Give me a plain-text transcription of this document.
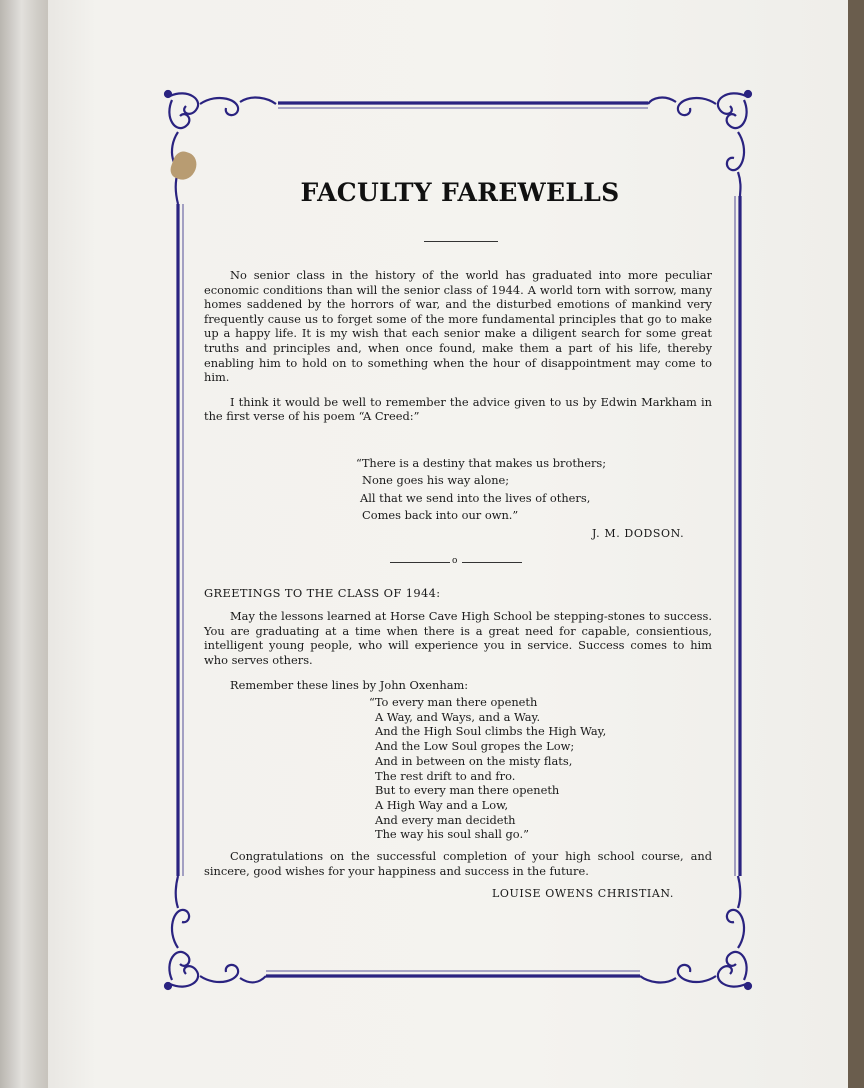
FACULTY FAREWELLS

No senior class in the history of the world has graduated into more peculiar economic conditions than will the senior class of 1944. A world torn with sorrow, many homes saddened by the horrors of war, and the disturbed emotions of mankind very frequently cause us to forget some of the more fundamental principles that go to make up a happy life. It is my wish that each senior make a diligent search for some great truths and principles and, when once found, make them a part of his life, thereby enabling him to hold on to something when the hour of disappointment may come to him.

I think it would be well to remember the advice given to us by Edwin Markham in the first verse of his poem “A Creed:”

“There is a destiny that makes us brothers;
None goes his way alone;
All that we send into the lives of others,
Comes back into our own.”
J. M. DODSON.
o
GREETINGS TO THE CLASS OF 1944:

May the lessons learned at Horse Cave High School be stepping-stones to success. You are graduating at a time when there is a great need for capable, consientious, intelligent young people, who will experience you in service. Success comes to him who serves others.

Remember these lines by John Oxenham:

“To every man there openeth
A Way, and Ways, and a Way.
And the High Soul climbs the High Way,
And the Low Soul gropes the Low;
And in between on the misty flats,
The rest drift to and fro.
But to every man there openeth
A High Way and a Low,
And every man decideth
The way his soul shall go.”

Congratulations on the successful completion of your high school course, and sincere, good wishes for your happiness and success in the future.

LOUISE OWENS CHRISTIAN.
